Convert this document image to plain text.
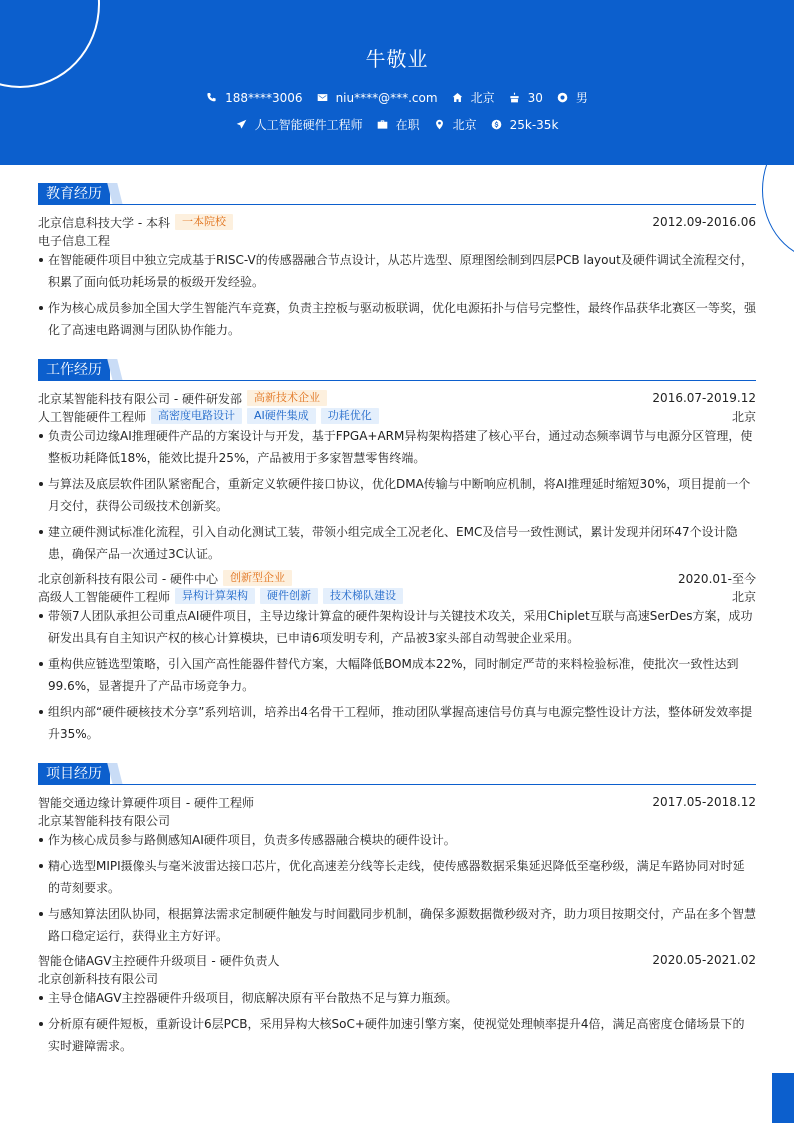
牛敬业
188****3006	niu****@***.com	北京	30	男
人工智能硬件工程师	在职	北京	25k-35k
教育经历
北京信息科技大学 - 本科	一本院校	2012.09-2016.06
电子信息工程
在智能硬件项目中独立完成基于RISC-V的传感器融合节点设计，从芯片选型、原理图绘制到四层PCB layout及硬件调试全流程交付，积累了面向低功耗场景的板级开发经验。
作为核心成员参加全国大学生智能汽车竞赛，负责主控板与驱动板联调，优化电源拓扑与信号完整性，最终作品获华北赛区一等奖，强化了高速电路调测与团队协作能力。
工作经历
北京某智能科技有限公司 - 硬件研发部	高新技术企业	2016.07-2019.12
人工智能硬件工程师	高密度电路设计	AI硬件集成	功耗优化	北京
负责公司边缘AI推理硬件产品的方案设计与开发，基于FPGA+ARM异构架构搭建了核心平台，通过动态频率调节与电源分区管理，使整板功耗降低18%，能效比提升25%，产品被用于多家智慧零售终端。
与算法及底层软件团队紧密配合，重新定义软硬件接口协议，优化DMA传输与中断响应机制，将AI推理延时缩短30%，项目提前一个月交付，获得公司级技术创新奖。
建立硬件测试标准化流程，引入自动化测试工装，带领小组完成全工况老化、EMC及信号一致性测试，累计发现并闭环47个设计隐患，确保产品一次通过3C认证。
北京创新科技有限公司 - 硬件中心	创新型企业	2020.01-至今
高级人工智能硬件工程师	异构计算架构	硬件创新	技术梯队建设	北京
带领7人团队承担公司重点AI硬件项目，主导边缘计算盒的硬件架构设计与关键技术攻关，采用Chiplet互联与高速SerDes方案，成功研发出具有自主知识产权的核心计算模块，已申请6项发明专利，产品被3家头部自动驾驶企业采用。
重构供应链选型策略，引入国产高性能器件替代方案，大幅降低BOM成本22%，同时制定严苛的来料检验标准，使批次一致性达到99.6%，显著提升了产品市场竞争力。
组织内部“硬件硬核技术分享”系列培训，培养出4名骨干工程师，推动团队掌握高速信号仿真与电源完整性设计方法，整体研发效率提升35%。
项目经历
智能交通边缘计算硬件项目 - 硬件工程师	2017.05-2018.12
北京某智能科技有限公司
作为核心成员参与路侧感知AI硬件项目，负责多传感器融合模块的硬件设计。
精心选型MIPI摄像头与毫米波雷达接口芯片，优化高速差分线等长走线，使传感器数据采集延迟降低至毫秒级，满足车路协同对时延的苛刻要求。
与感知算法团队协同，根据算法需求定制硬件触发与时间戳同步机制，确保多源数据微秒级对齐，助力项目按期交付，产品在多个智慧路口稳定运行，获得业主方好评。
智能仓储AGV主控硬件升级项目 - 硬件负责人	2020.05-2021.02
北京创新科技有限公司
主导仓储AGV主控器硬件升级项目，彻底解决原有平台散热不足与算力瓶颈。
分析原有硬件短板，重新设计6层PCB，采用异构大核SoC+硬件加速引擎方案，使视觉处理帧率提升4倍，满足高密度仓储场景下的实时避障需求。
